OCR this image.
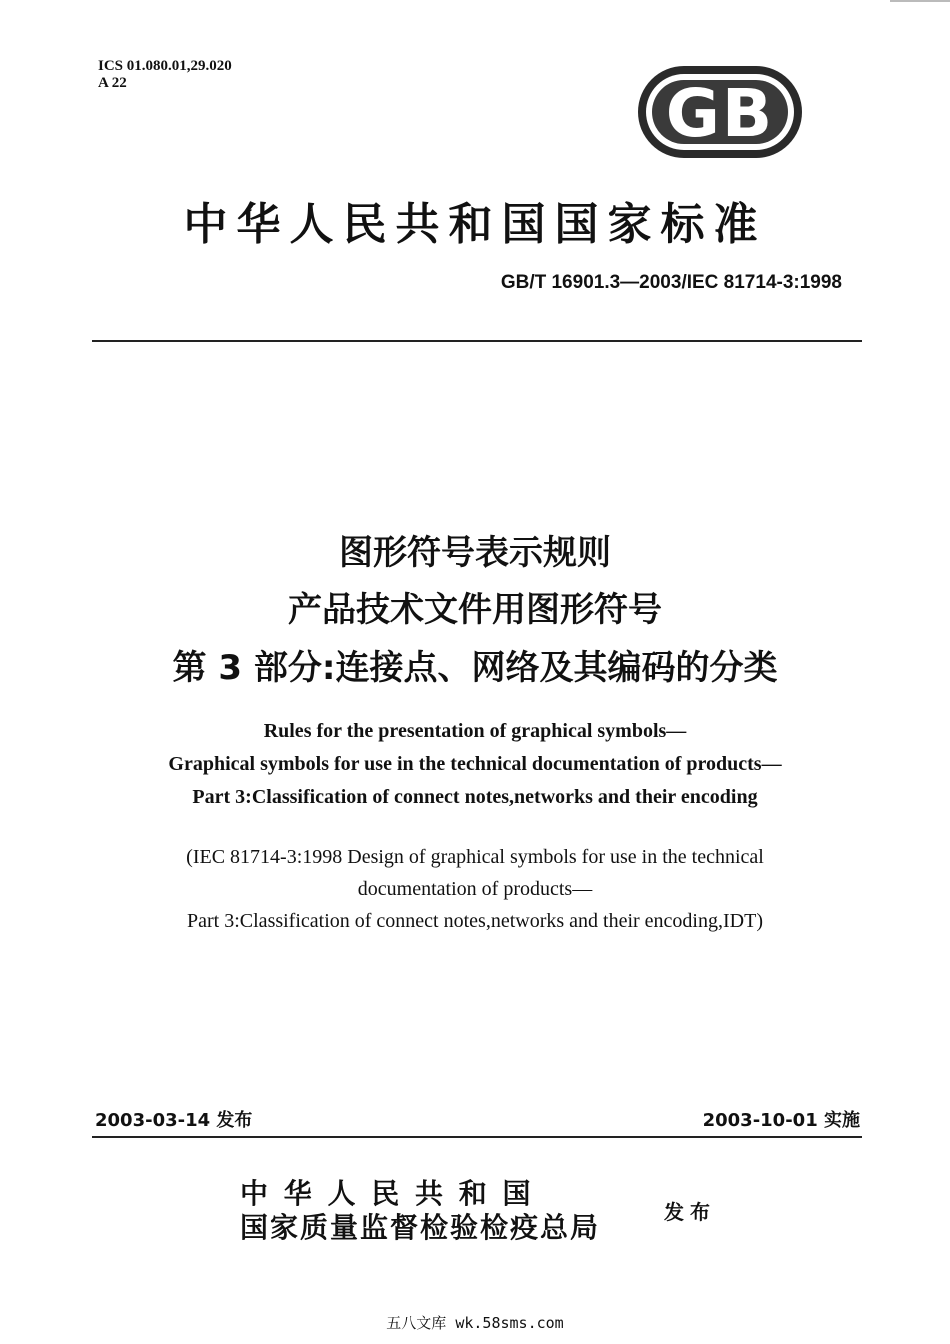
ICS 01.080.01,29.020
A 22	GB
中华人民共和国国家标准
GB/T 16901.3—2003/IEC 81714-3:1998
图形符号表示规则
产品技术文件用图形符号
第 3 部分:连接点、网络及其编码的分类
Rules for the presentation of graphical symbols—
Graphical symbols for use in the technical documentation of products—
Part 3:Classification of connect notes,networks and their encoding
(IEC 81714-3:1998 Design of graphical symbols for use in the technical
documentation of products—
Part 3:Classification of connect notes,networks and their encoding,IDT)
2003-03-14 发布	2003-10-01 实施
中 华 人 民 共 和 国
国家质量监督检验检疫总局	发布
五八文库 wk.58sms.com
